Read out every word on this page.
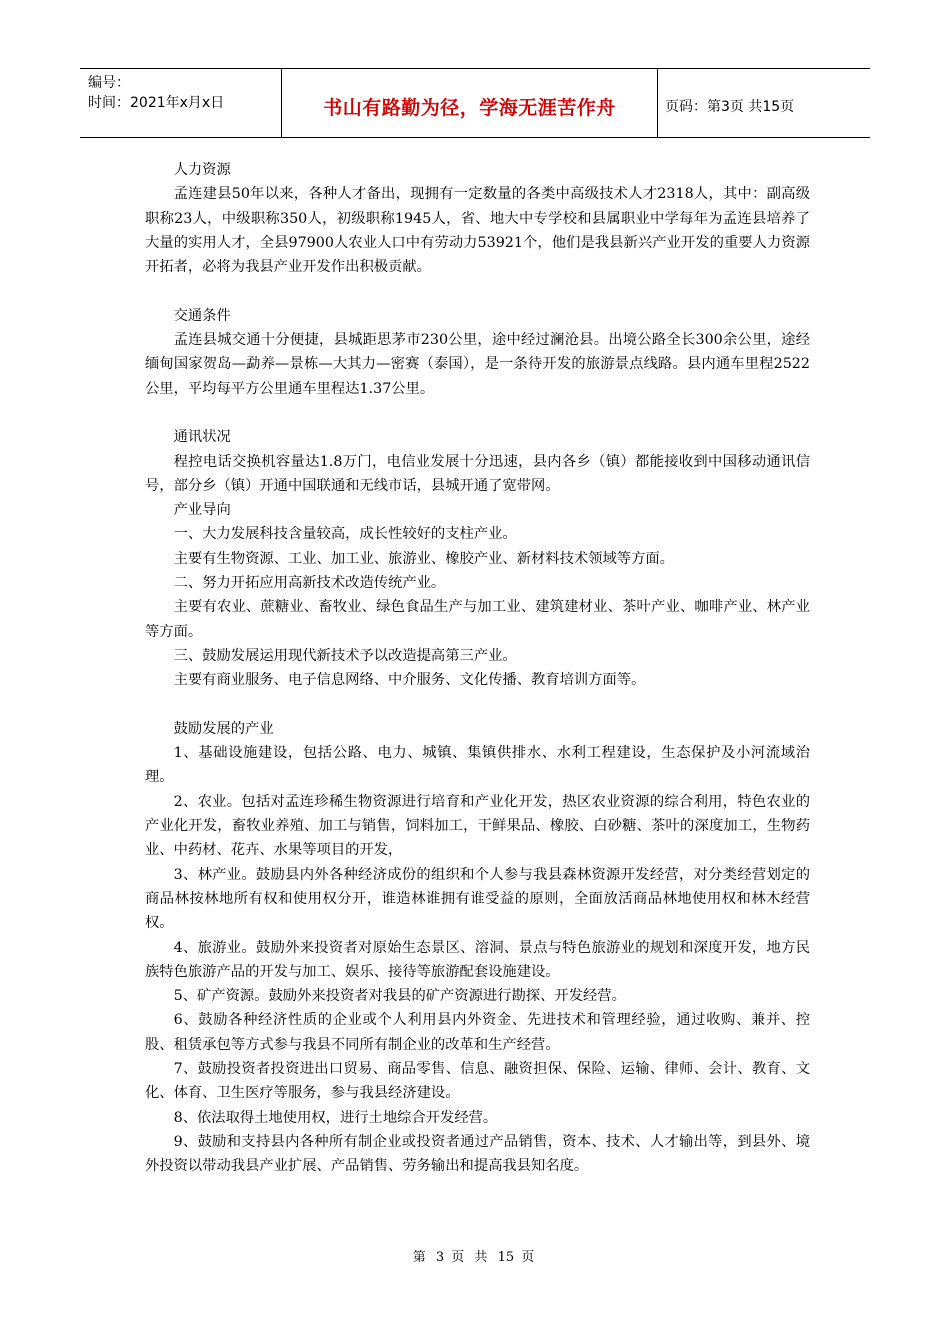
编号：
时间：2021年x月x日	书山有路勤为径，学海无涯苦作舟	页码：第3页 共15页

人力资源

孟连建县50年以来，各种人才备出，现拥有一定数量的各类中高级技术人才2318人，其中：副高级职称23人，中级职称350人，初级职称1945人，省、地大中专学校和县属职业中学每年为孟连县培养了大量的实用人才，全县97900人农业人口中有劳动力53921个，他们是我县新兴产业开发的重要人力资源开拓者，必将为我县产业开发作出积极贡献。

交通条件

孟连县城交通十分便捷，县城距思茅市230公里，途中经过澜沧县。出境公路全长300余公里，途经缅甸国家贺岛—勐养—景栋—大其力—密赛（泰国），是一条待开发的旅游景点线路。县内通车里程2522公里，平均每平方公里通车里程达1.37公里。

通讯状况

程控电话交换机容量达1.8万门，电信业发展十分迅速，县内各乡（镇）都能接收到中国移动通讯信号，部分乡（镇）开通中国联通和无线市话，县城开通了宽带网。

产业导向

一、大力发展科技含量较高，成长性较好的支柱产业。

主要有生物资源、工业、加工业、旅游业、橡胶产业、新材料技术领域等方面。

二、努力开拓应用高新技术改造传统产业。

主要有农业、蔗糖业、畜牧业、绿色食品生产与加工业、建筑建材业、茶叶产业、咖啡产业、林产业等方面。

三、鼓励发展运用现代新技术予以改造提高第三产业。

主要有商业服务、电子信息网络、中介服务、文化传播、教育培训方面等。

鼓励发展的产业

1、基础设施建设，包括公路、电力、城镇、集镇供排水、水利工程建设，生态保护及小河流域治理。

2、农业。包括对孟连珍稀生物资源进行培育和产业化开发，热区农业资源的综合利用，特色农业的产业化开发，畜牧业养殖、加工与销售，饲料加工，干鲜果品、橡胶、白砂糖、茶叶的深度加工，生物药业、中药材、花卉、水果等项目的开发，

3、林产业。鼓励县内外各种经济成份的组织和个人参与我县森林资源开发经营，对分类经营划定的商品林按林地所有权和使用权分开，谁造林谁拥有谁受益的原则，全面放活商品林地使用权和林木经营权。

4、旅游业。鼓励外来投资者对原始生态景区、溶洞、景点与特色旅游业的规划和深度开发，地方民族特色旅游产品的开发与加工、娱乐、接待等旅游配套设施建设。

5、矿产资源。鼓励外来投资者对我县的矿产资源进行勘探、开发经营。

6、鼓励各种经济性质的企业或个人利用县内外资金、先进技术和管理经验，通过收购、兼并、控股、租赁承包等方式参与我县不同所有制企业的改革和生产经营。

7、鼓励投资者投资进出口贸易、商品零售、信息、融资担保、保险、运输、律师、会计、教育、文化、体育、卫生医疗等服务，参与我县经济建设。

8、依法取得土地使用权，进行土地综合开发经营。

9、鼓励和支持县内各种所有制企业或投资者通过产品销售，资本、技术、人才输出等，到县外、境外投资以带动我县产业扩展、产品销售、劳务输出和提高我县知名度。

第 3 页 共 15 页
